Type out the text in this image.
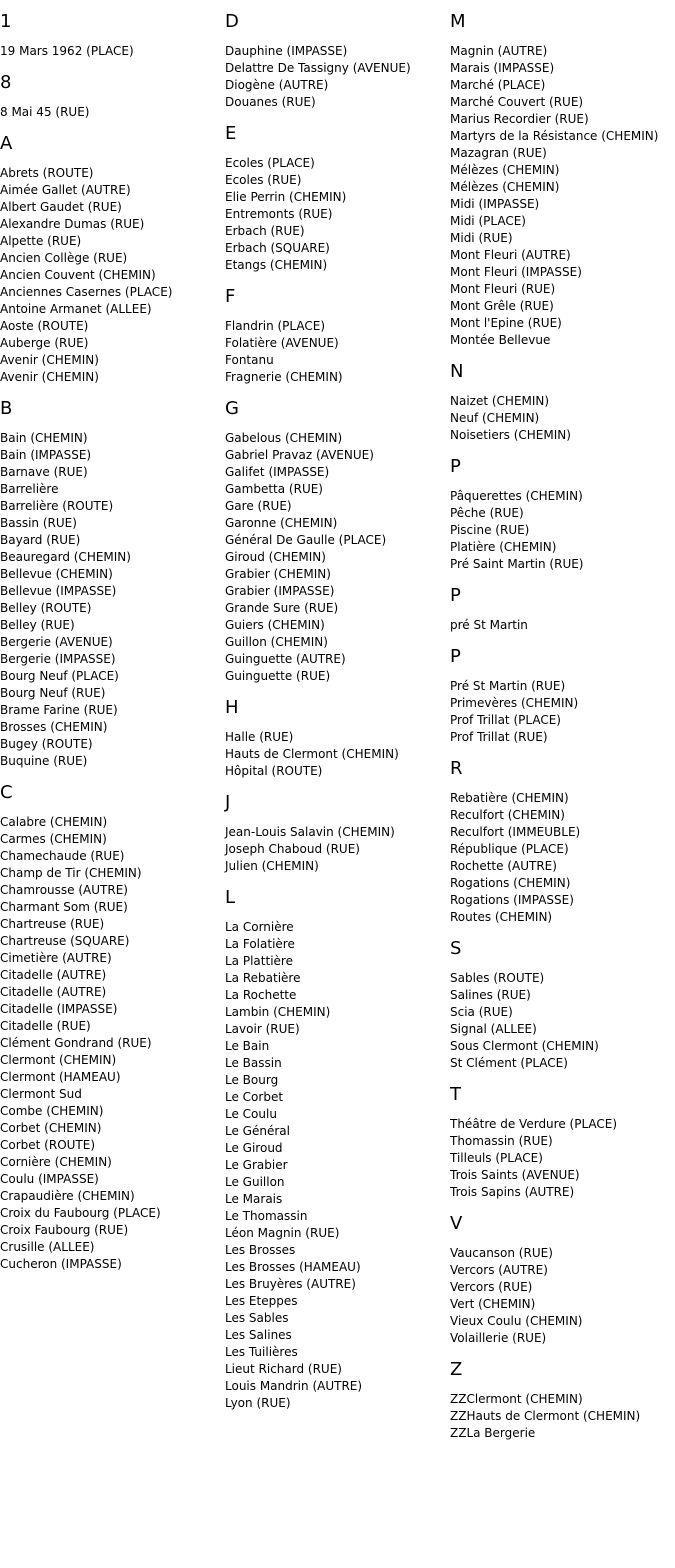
1
19 Mars 1962 (PLACE)
8
8 Mai 45 (RUE)
A
Abrets (ROUTE)
Aimée Gallet (AUTRE)
Albert Gaudet (RUE)
Alexandre Dumas (RUE)
Alpette (RUE)
Ancien Collège (RUE)
Ancien Couvent (CHEMIN)
Anciennes Casernes (PLACE)
Antoine Armanet (ALLEE)
Aoste (ROUTE)
Auberge (RUE)
Avenir (CHEMIN)
Avenir (CHEMIN)
B
Bain (CHEMIN)
Bain (IMPASSE)
Barnave (RUE)
Barrelière
Barrelière (ROUTE)
Bassin (RUE)
Bayard (RUE)
Beauregard (CHEMIN)
Bellevue (CHEMIN)
Bellevue (IMPASSE)
Belley (ROUTE)
Belley (RUE)
Bergerie (AVENUE)
Bergerie (IMPASSE)
Bourg Neuf (PLACE)
Bourg Neuf (RUE)
Brame Farine (RUE)
Brosses (CHEMIN)
Bugey (ROUTE)
Buquine (RUE)
C
Calabre (CHEMIN)
Carmes (CHEMIN)
Chamechaude (RUE)
Champ de Tir (CHEMIN)
Chamrousse (AUTRE)
Charmant Som (RUE)
Chartreuse (RUE)
Chartreuse (SQUARE)
Cimetière (AUTRE)
Citadelle (AUTRE)
Citadelle (AUTRE)
Citadelle (IMPASSE)
Citadelle (RUE)
Clément Gondrand (RUE)
Clermont (CHEMIN)
Clermont (HAMEAU)
Clermont Sud
Combe (CHEMIN)
Corbet (CHEMIN)
Corbet (ROUTE)
Cornière (CHEMIN)
Coulu (IMPASSE)
Crapaudière (CHEMIN)
Croix du Faubourg (PLACE)
Croix Faubourg (RUE)
Crusille (ALLEE)
Cucheron (IMPASSE)
D
Dauphine (IMPASSE)
Delattre De Tassigny (AVENUE)
Diogène (AUTRE)
Douanes (RUE)
E
Ecoles (PLACE)
Ecoles (RUE)
Elie Perrin (CHEMIN)
Entremonts (RUE)
Erbach (RUE)
Erbach (SQUARE)
Etangs (CHEMIN)
F
Flandrin (PLACE)
Folatière (AVENUE)
Fontanu
Fragnerie (CHEMIN)
G
Gabelous (CHEMIN)
Gabriel Pravaz (AVENUE)
Galifet (IMPASSE)
Gambetta (RUE)
Gare (RUE)
Garonne (CHEMIN)
Général De Gaulle (PLACE)
Giroud (CHEMIN)
Grabier (CHEMIN)
Grabier (IMPASSE)
Grande Sure (RUE)
Guiers (CHEMIN)
Guillon (CHEMIN)
Guinguette (AUTRE)
Guinguette (RUE)
H
Halle (RUE)
Hauts de Clermont (CHEMIN)
Hôpital (ROUTE)
J
Jean-Louis Salavin (CHEMIN)
Joseph Chaboud (RUE)
Julien (CHEMIN)
L
La Cornière
La Folatière
La Plattière
La Rebatière
La Rochette
Lambin (CHEMIN)
Lavoir (RUE)
Le Bain
Le Bassin
Le Bourg
Le Corbet
Le Coulu
Le Général
Le Giroud
Le Grabier
Le Guillon
Le Marais
Le Thomassin
Léon Magnin (RUE)
Les Brosses
Les Brosses (HAMEAU)
Les Bruyères (AUTRE)
Les Eteppes
Les Sables
Les Salines
Les Tuilières
Lieut Richard (RUE)
Louis Mandrin (AUTRE)
Lyon (RUE)
M
Magnin (AUTRE)
Marais (IMPASSE)
Marché (PLACE)
Marché Couvert (RUE)
Marius Recordier (RUE)
Martyrs de la Résistance (CHEMIN)
Mazagran (RUE)
Mélèzes (CHEMIN)
Mélèzes (CHEMIN)
Midi (IMPASSE)
Midi (PLACE)
Midi (RUE)
Mont Fleuri (AUTRE)
Mont Fleuri (IMPASSE)
Mont Fleuri (RUE)
Mont Grêle (RUE)
Mont l'Epine (RUE)
Montée Bellevue
N
Naizet (CHEMIN)
Neuf (CHEMIN)
Noisetiers (CHEMIN)
P
Pâquerettes (CHEMIN)
Pêche (RUE)
Piscine (RUE)
Platière (CHEMIN)
Pré Saint Martin (RUE)
P
pré St Martin
P
Pré St Martin (RUE)
Primevères (CHEMIN)
Prof Trillat (PLACE)
Prof Trillat (RUE)
R
Rebatière (CHEMIN)
Reculfort (CHEMIN)
Reculfort (IMMEUBLE)
République (PLACE)
Rochette (AUTRE)
Rogations (CHEMIN)
Rogations (IMPASSE)
Routes (CHEMIN)
S
Sables (ROUTE)
Salines (RUE)
Scia (RUE)
Signal (ALLEE)
Sous Clermont (CHEMIN)
St Clément (PLACE)
T
Théâtre de Verdure (PLACE)
Thomassin (RUE)
Tilleuls (PLACE)
Trois Saints (AVENUE)
Trois Sapins (AUTRE)
V
Vaucanson (RUE)
Vercors (AUTRE)
Vercors (RUE)
Vert (CHEMIN)
Vieux Coulu (CHEMIN)
Volaillerie (RUE)
Z
ZZClermont (CHEMIN)
ZZHauts de Clermont (CHEMIN)
ZZLa Bergerie
